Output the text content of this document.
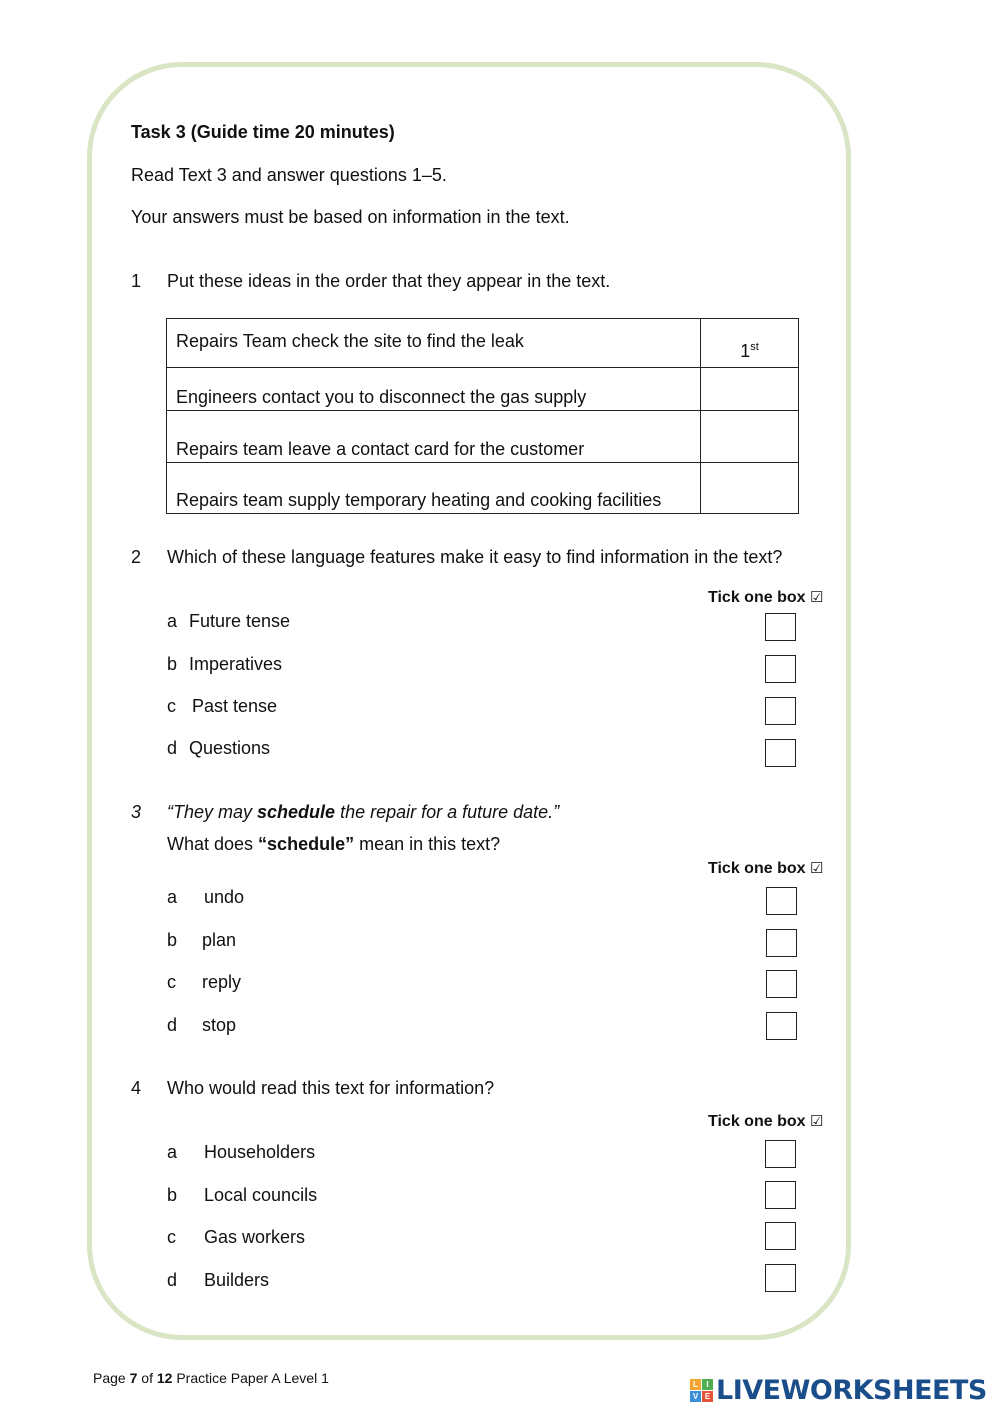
Task 3 (Guide time 20 minutes)
Read Text 3 and answer questions 1–5.
Your answers must be based on information in the text.
1 Put these ideas in the order that they appear in the text.
Repairs Team check the site to find the leak	1st
Engineers contact you to disconnect the gas supply	
Repairs team leave a contact card for the customer	
Repairs team supply temporary heating and cooking facilities	
2 Which of these language features make it easy to find information in the text?
Tick one box ☑
a Future tense
b Imperatives
c Past tense
d Questions
3 “They may schedule the repair for a future date.”
What does “schedule” mean in this text?
Tick one box ☑
a undo
b plan
c reply
d stop
4 Who would read this text for information?
Tick one box ☑
a Householders
b Local councils
c Gas workers
d Builders
Page 7 of 12 Practice Paper A Level 1	L	I
V E LIVEWORKSHEETS
